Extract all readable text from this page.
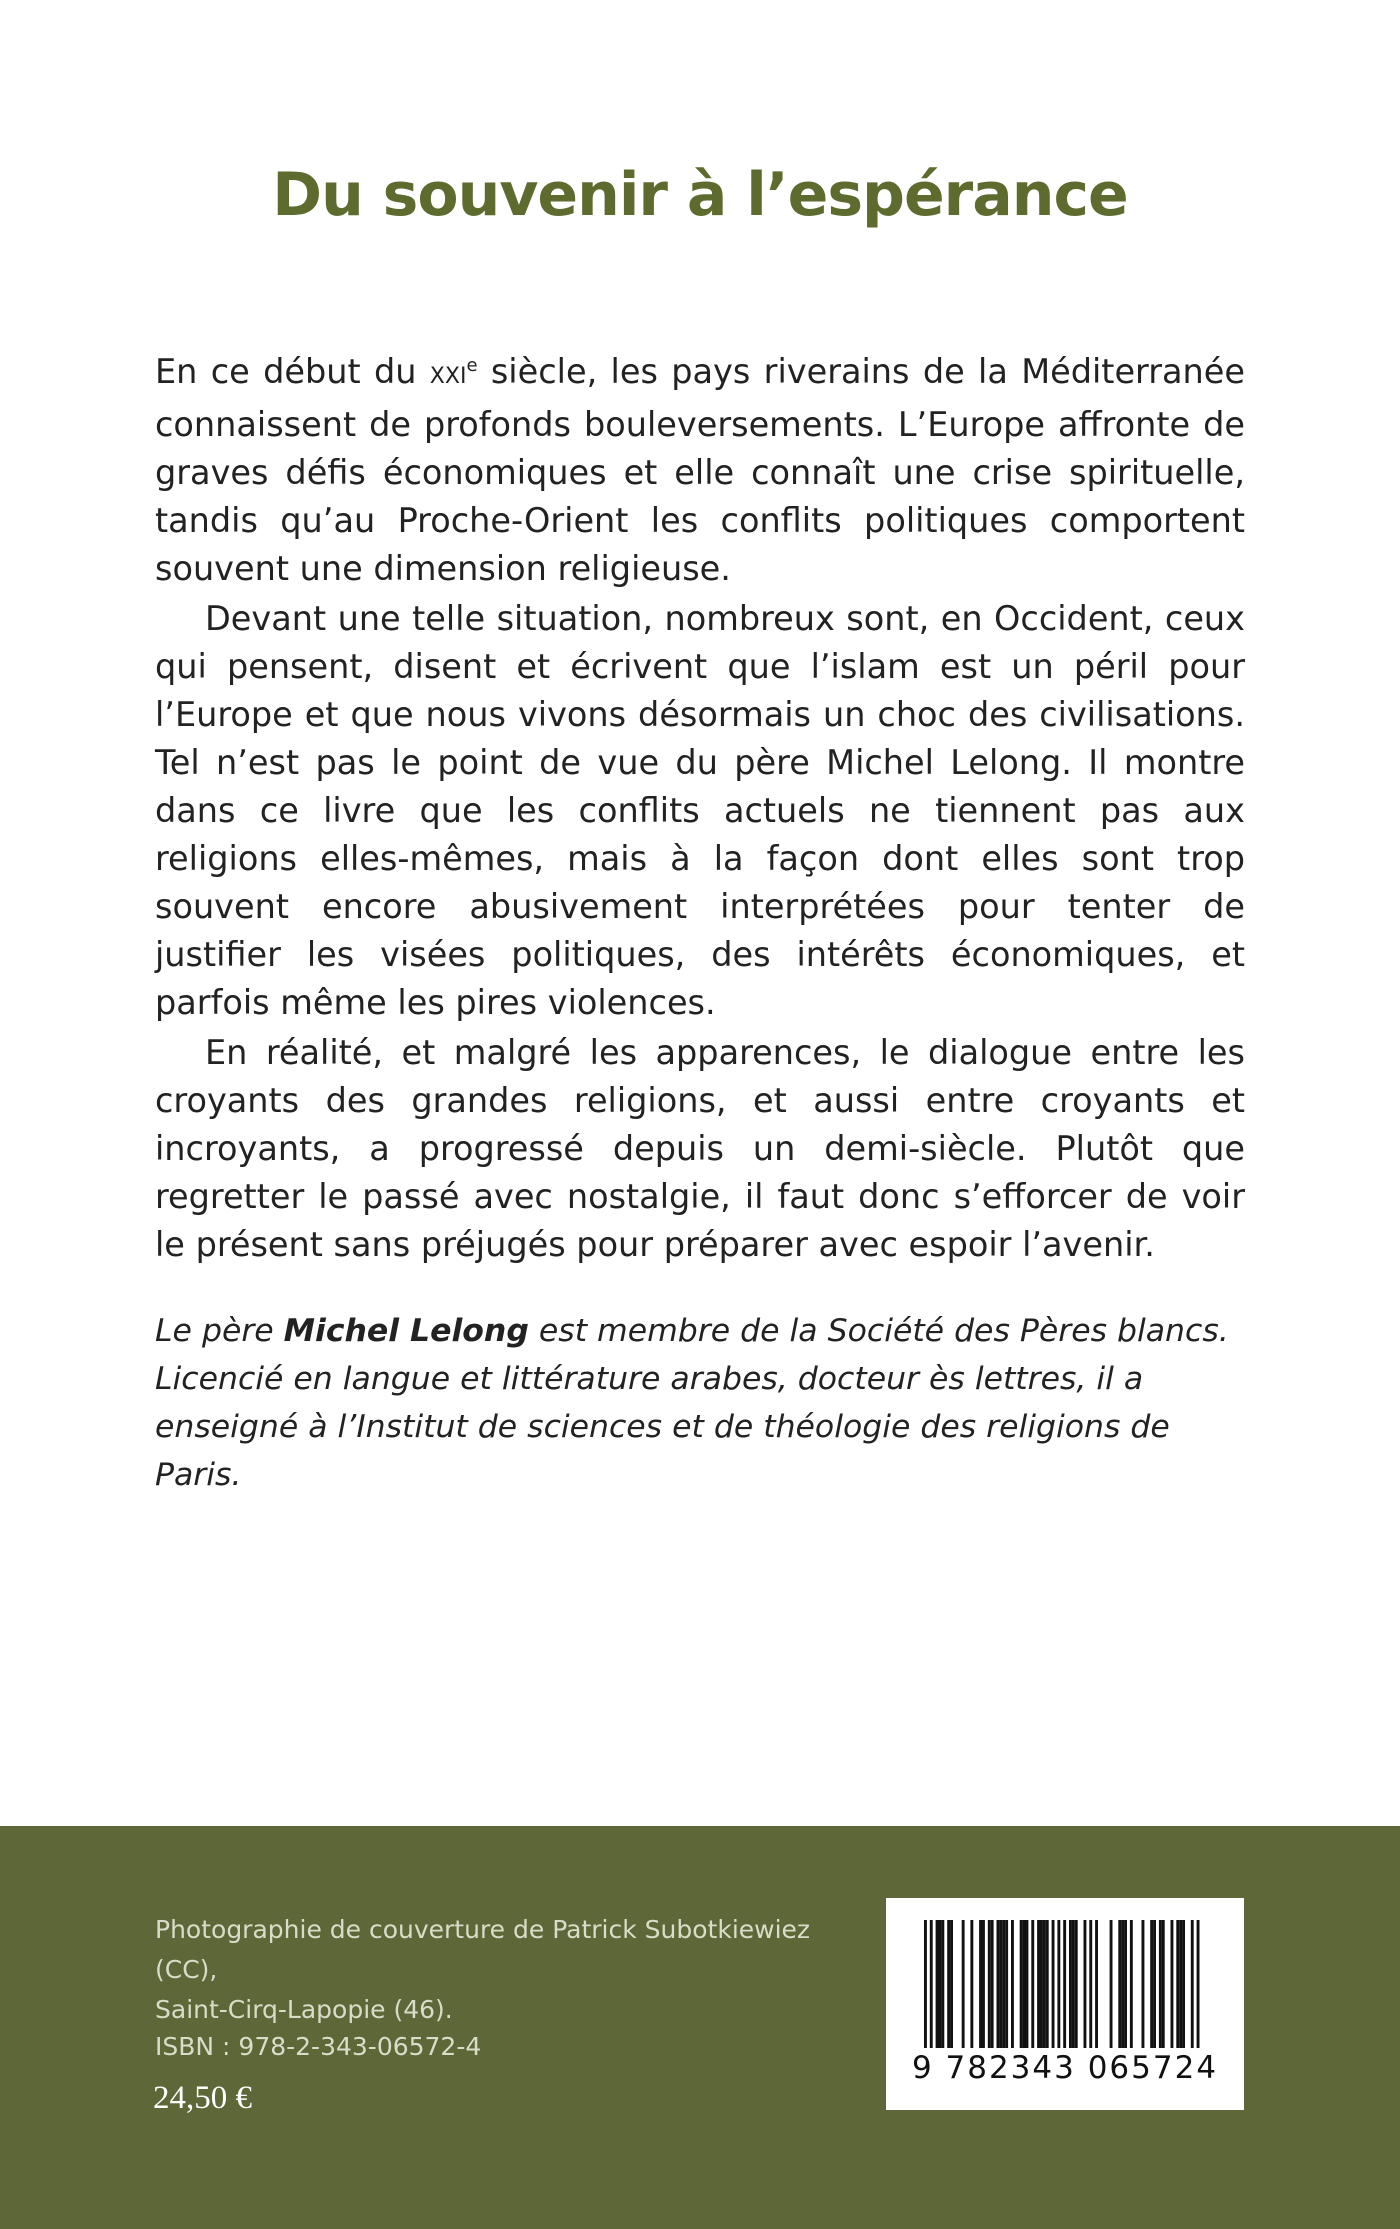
Du souvenir à l’espérance

En ce début du XXIe siècle, les pays riverains de la Méditerranée connaissent de profonds bouleversements. L’Europe affronte de graves défis économiques et elle connaît une crise spirituelle, tandis qu’au Proche-Orient les conflits politiques comportent souvent une dimension religieuse.

Devant une telle situation, nombreux sont, en Occident, ceux qui pensent, disent et écrivent que l’islam est un péril pour l’Europe et que nous vivons désormais un choc des civilisations. Tel n’est pas le point de vue du père Michel Lelong. Il montre dans ce livre que les conflits actuels ne tiennent pas aux religions elles-mêmes, mais à la façon dont elles sont trop souvent encore abusivement interprétées pour tenter de justifier les visées politiques, des intérêts économiques, et parfois même les pires violences.

En réalité, et malgré les apparences, le dialogue entre les croyants des grandes religions, et aussi entre croyants et incroyants, a progressé depuis un demi-siècle. Plutôt que regretter le passé avec nostalgie, il faut donc s’efforcer de voir le présent sans préjugés pour préparer avec espoir l’avenir.

Le père Michel Lelong est membre de la Société des Pères blancs. Licencié en langue et littérature arabes, docteur ès lettres, il a enseigné à l’Institut de sciences et de théologie des religions de Paris.
Photographie de couverture de Patrick Subotkiewiez (CC),
Saint-Cirq-Lapopie (46).
ISBN : 978-2-343-06572-4
24,50 €
9 782343 065724
